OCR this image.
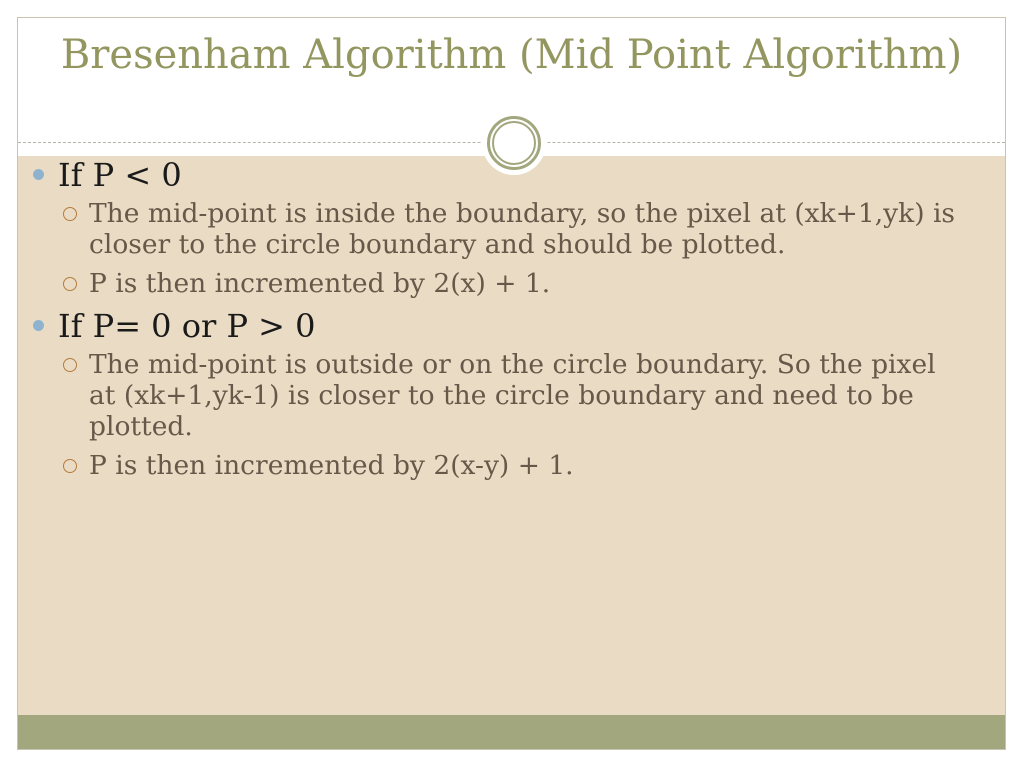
Bresenham Algorithm (Mid Point Algorithm)
If P < 0
The mid-point is inside the boundary, so the pixel at (xk+1,yk) is closer to the circle boundary and should be plotted.
P is then incremented by 2(x) + 1.
If P= 0 or P > 0
The mid-point is outside or on the circle boundary. So the pixel at (xk+1,yk-1) is closer to the circle boundary and need to be plotted.
P is then incremented by 2(x-y) + 1.
